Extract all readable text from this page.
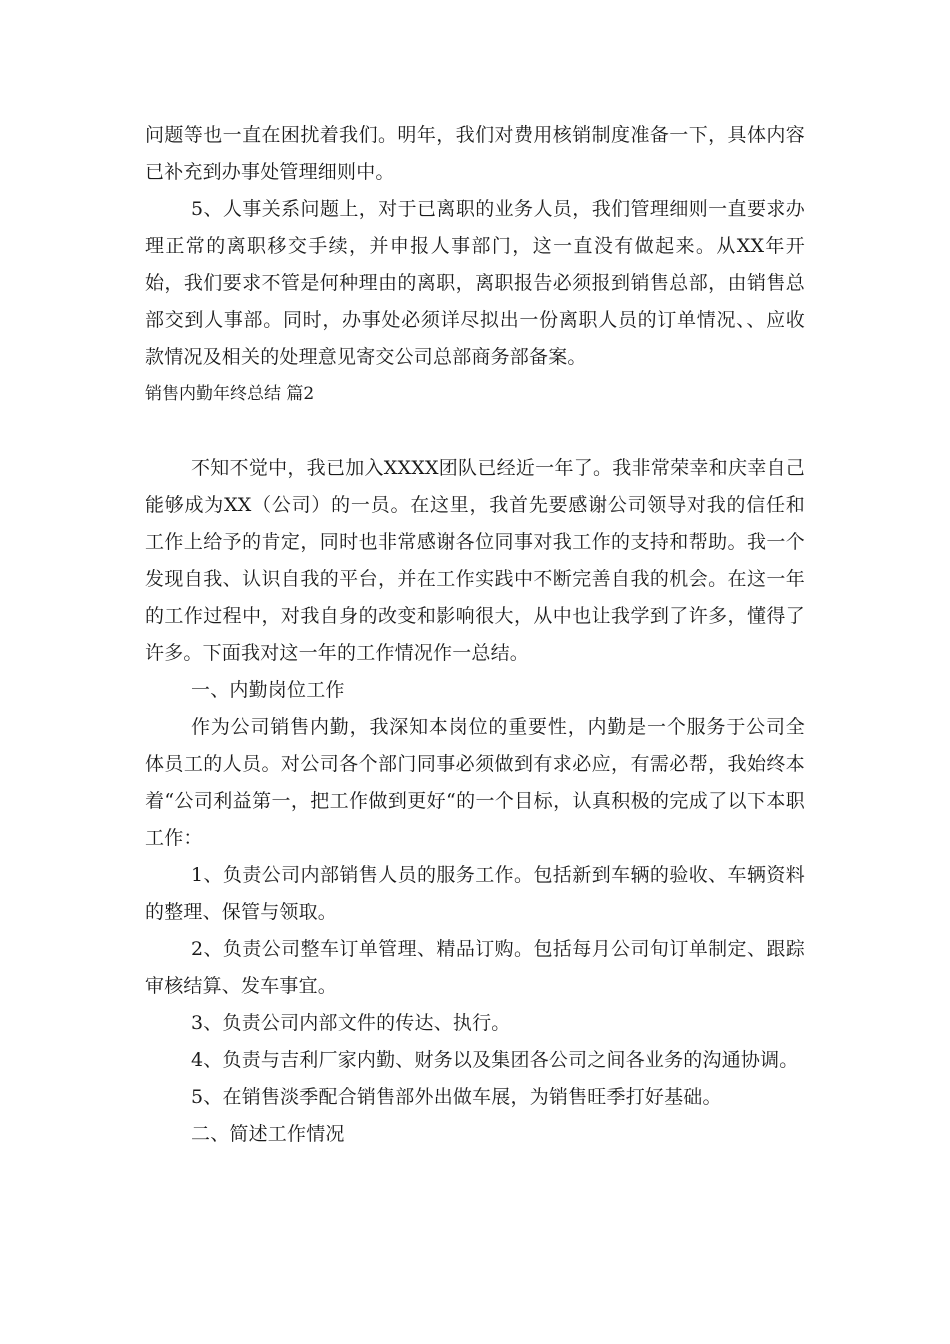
问题等也一直在困扰着我们。明年，我们对费用核销制度准备一下，具体内容已补充到办事处管理细则中。

5、人事关系问题上，对于已离职的业务人员，我们管理细则一直要求办理正常的离职移交手续，并申报人事部门，这一直没有做起来。从XX年开始，我们要求不管是何种理由的离职，离职报告必须报到销售总部，由销售总部交到人事部。同时，办事处必须详尽拟出一份离职人员的订单情况、、应收款情况及相关的处理意见寄交公司总部商务部备案。

销售内勤年终总结 篇2

不知不觉中，我已加入XXXX团队已经近一年了。我非常荣幸和庆幸自己能够成为XX（公司）的一员。在这里，我首先要感谢公司领导对我的信任和工作上给予的肯定，同时也非常感谢各位同事对我工作的支持和帮助。我一个发现自我、认识自我的平台，并在工作实践中不断完善自我的机会。在这一年的工作过程中，对我自身的改变和影响很大，从中也让我学到了许多，懂得了许多。下面我对这一年的工作情况作一总结。

一、内勤岗位工作

作为公司销售内勤，我深知本岗位的重要性，内勤是一个服务于公司全体员工的人员。对公司各个部门同事必须做到有求必应，有需必帮，我始终本着“公司利益第一，把工作做到更好“的一个目标，认真积极的完成了以下本职工作：

1、负责公司内部销售人员的服务工作。包括新到车辆的验收、车辆资料的整理、保管与领取。

2、负责公司整车订单管理、精品订购。包括每月公司旬订单制定、跟踪审核结算、发车事宜。

3、负责公司内部文件的传达、执行。

4、负责与吉利厂家内勤、财务以及集团各公司之间各业务的沟通协调。

5、在销售淡季配合销售部外出做车展，为销售旺季打好基础。

二、简述工作情况
